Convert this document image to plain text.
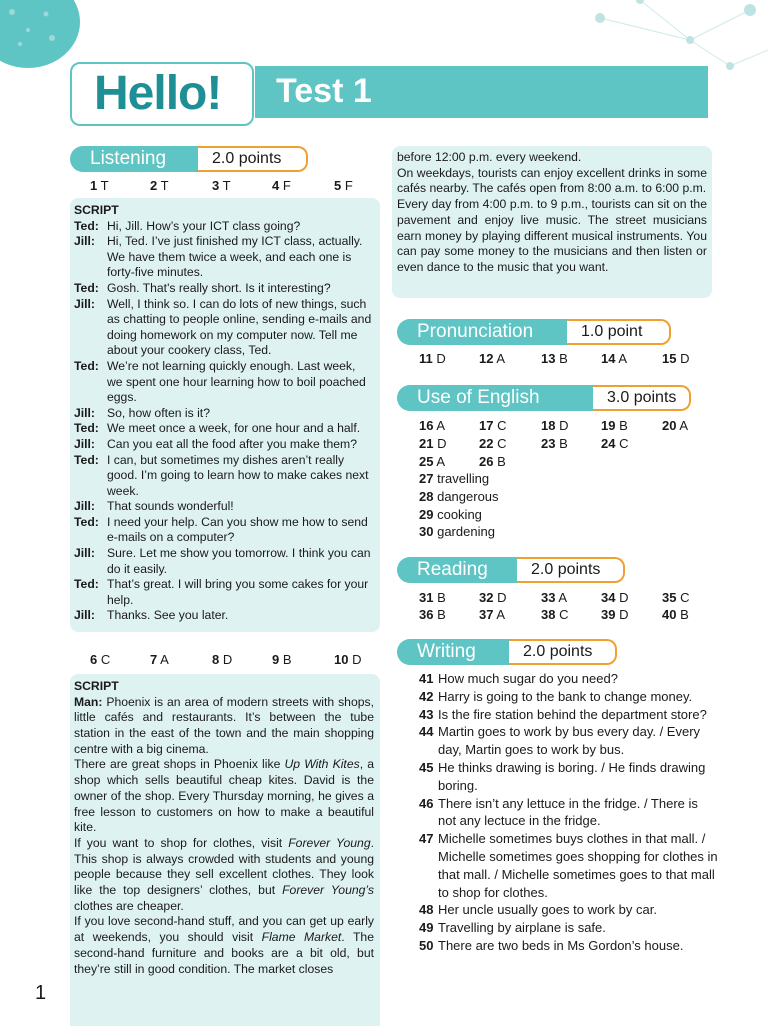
Hello! Test 1
Listening	2.0 points
1 T	2 T	3 T	4 F	5 F
SCRIPT
Ted: Hi, Jill. How’s your ICT class going?
Jill: Hi, Ted. I’ve just finished my ICT class, actually. We have them twice a week, and each one is forty-five minutes.
Ted: Gosh. That's really short. Is it interesting?
Jill: Well, I think so. I can do lots of new things, such as chatting to people online, sending e-mails and doing homework on my computer now. Tell me about your cookery class, Ted.
Ted: We’re not learning quickly enough. Last week, we spent one hour learning how to boil poached eggs.
Jill: So, how often is it?
Ted: We meet once a week, for one hour and a half.
Jill: Can you eat all the food after you make them?
Ted: I can, but sometimes my dishes aren’t really good. I’m going to learn how to make cakes next week.
Jill: That sounds wonderful!
Ted: I need your help. Can you show me how to send e-mails on a computer?
Jill: Sure. Let me show you tomorrow. I think you can do it easily.
Ted: That’s great. I will bring you some cakes for your help.
Jill: Thanks. See you later.
6 C	7 A	8 D	9 B	10 D
SCRIPT
Man: Phoenix is an area of modern streets with shops, little cafés and restaurants. It’s between the tube station in the east of the town and the main shopping centre with a big cinema.
There are great shops in Phoenix like Up With Kites, a shop which sells beautiful cheap kites. David is the owner of the shop. Every Thursday morning, he gives a free lesson to customers on how to make a beautiful kite.
If you want to shop for clothes, visit Forever Young. This shop is always crowded with students and young people because they sell excellent clothes. They look like the top designers’ clothes, but Forever Young’s clothes are cheaper.
If you love second-hand stuff, and you can get up early at weekends, you should visit Flame Market. The second-hand furniture and books are a bit old, but they’re still in good condition. The market closes
before 12:00 p.m. every weekend.
On weekdays, tourists can enjoy excellent drinks in some cafés nearby. The cafés open from 8:00 a.m. to 6:00 p.m.
Every day from 4:00 p.m. to 9 p.m., tourists can sit on the pavement and enjoy live music. The street musicians earn money by playing different musical instruments. You can pay some money to the musicians and then listen or even dance to the music that you want.
Pronunciation	1.0 point
11 D	12 A	13 B	14 A	15 D
Use of English	3.0 points
16 A	17 C	18 D	19 B	20 A
21 D	22 C	23 B	24 C
25 A	26 B
27 travelling
28 dangerous
29 cooking
30 gardening
Reading	2.0 points
31 B	32 D	33 A	34 D	35 C
36 B	37 A	38 C	39 D	40 B
Writing	2.0 points
41 How much sugar do you need?
42 Harry is going to the bank to change money.
43 Is the fire station behind the department store?
44 Martin goes to work by bus every day. / Every day, Martin goes to work by bus.
45 He thinks drawing is boring. / He finds drawing boring.
46 There isn’t any lettuce in the fridge. / There is not any lectuce in the fridge.
47 Michelle sometimes buys clothes in that mall. / Michelle sometimes goes shopping for clothes in that mall. / Michelle sometimes goes to that mall to shop for clothes.
48 Her uncle usually goes to work by car.
49 Travelling by airplane is safe.
50 There are two beds in Ms Gordon’s house.
1
